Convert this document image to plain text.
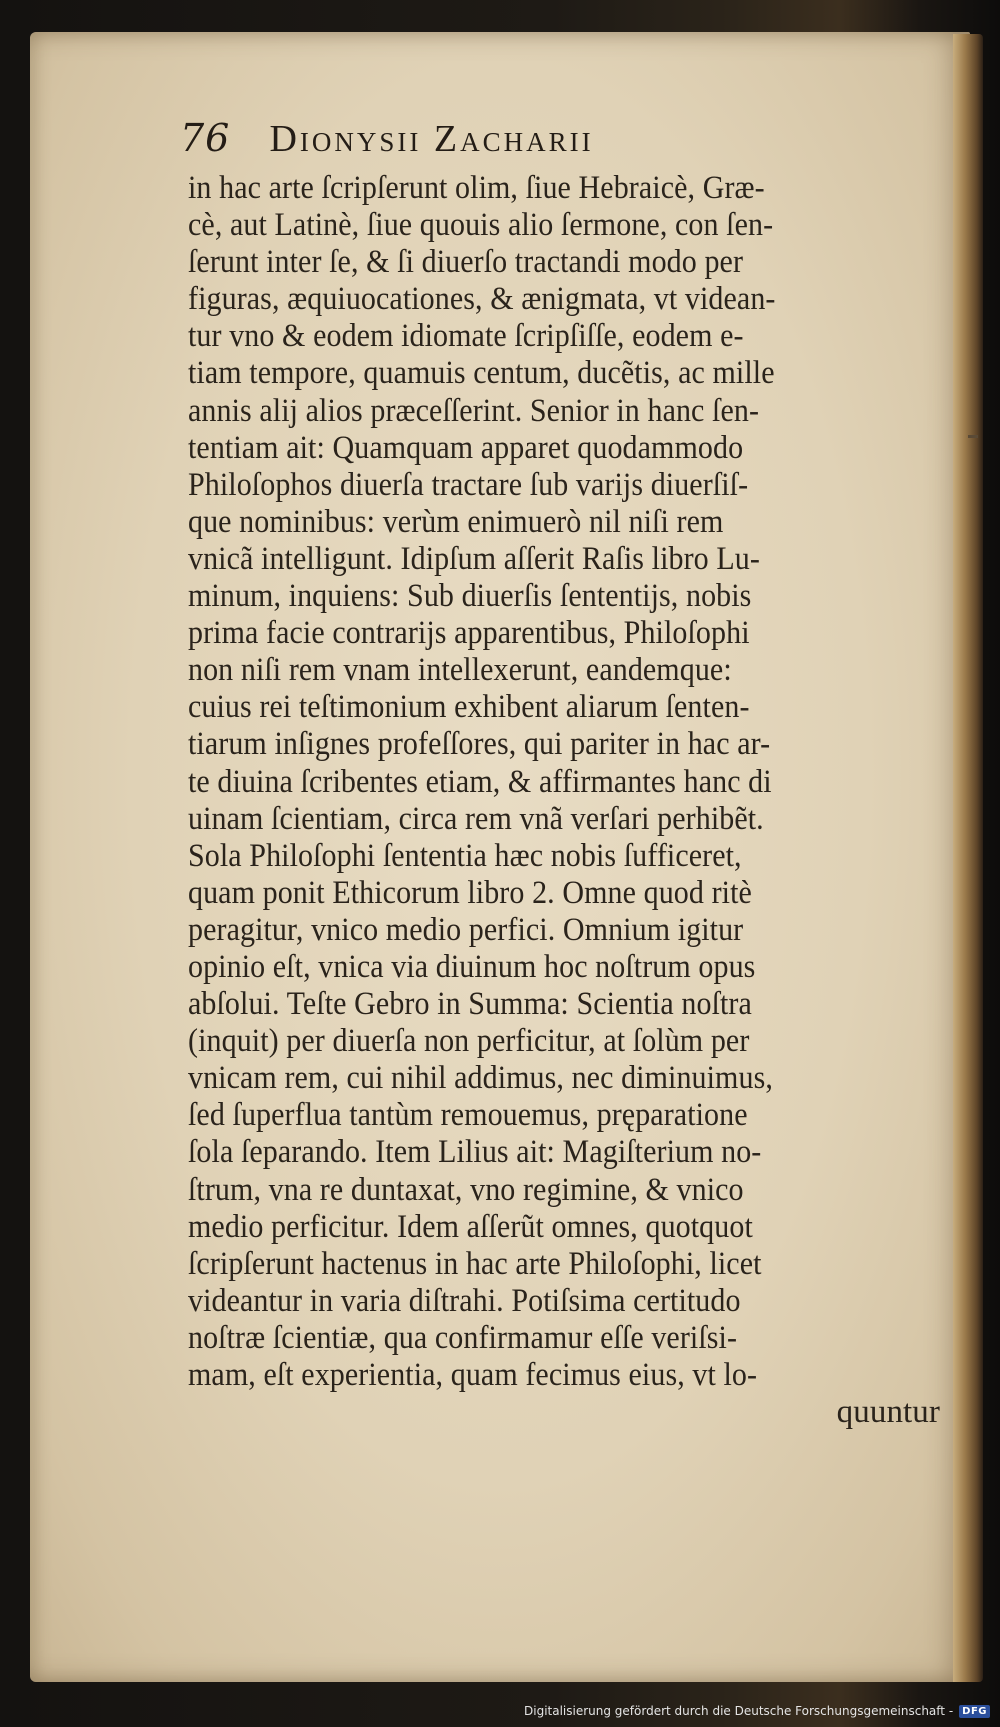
76 Dionysii Zacharii
in hac arte ſcripſerunt olim, ſiue Hebraicè, Græ-
cè, aut Latinè, ſiue quouis alio ſermone, con ſen-
ſerunt inter ſe, & ſi diuerſo tractandi modo per
figuras, æquiuocationes, & ænigmata, vt videan-
tur vno & eodem idiomate ſcripſiſſe, eodem e-
tiam tempore, quamuis centum, ducẽtis, ac mille
annis alij alios præceſſerint. Senior in hanc ſen-
tentiam ait: Quamquam apparet quodammodo
Philoſophos diuerſa tractare ſub varijs diuerſiſ-
que nominibus: verùm enimuerò nil niſi rem
vnicã intelligunt. Idipſum aſſerit Raſis libro Lu-
minum, inquiens: Sub diuerſis ſententijs, nobis
prima facie contrarijs apparentibus, Philoſophi
non niſi rem vnam intellexerunt, eandemque:
cuius rei teſtimonium exhibent aliarum ſenten-
tiarum inſignes profeſſores, qui pariter in hac ar-
te diuina ſcribentes etiam, & affirmantes hanc di
uinam ſcientiam, circa rem vnã verſari perhibẽt.
Sola Philoſophi ſententia hæc nobis ſufficeret,
quam ponit Ethicorum libro 2. Omne quod ritè
peragitur, vnico medio perfici. Omnium igitur
opinio eſt, vnica via diuinum hoc noſtrum opus
abſolui. Teſte Gebro in Summa: Scientia noſtra
(inquit) per diuerſa non perficitur, at ſolùm per
vnicam rem, cui nihil addimus, nec diminuimus,
ſed ſuperflua tantùm remouemus, pręparatione
ſola ſeparando. Item Lilius ait: Magiſterium no-
ſtrum, vna re duntaxat, vno regimine, & vnico
medio perficitur. Idem aſſerũt omnes, quotquot
ſcripſerunt hactenus in hac arte Philoſophi, licet
videantur in varia diſtrahi. Potiſsima certitudo
noſtræ ſcientiæ, qua confirmamur eſſe veriſsi-
mam, eſt experientia, quam fecimus eius, vt lo-
quuntur
Digitalisierung gefördert durch die Deutsche Forschungsgemeinschaft - DFG
